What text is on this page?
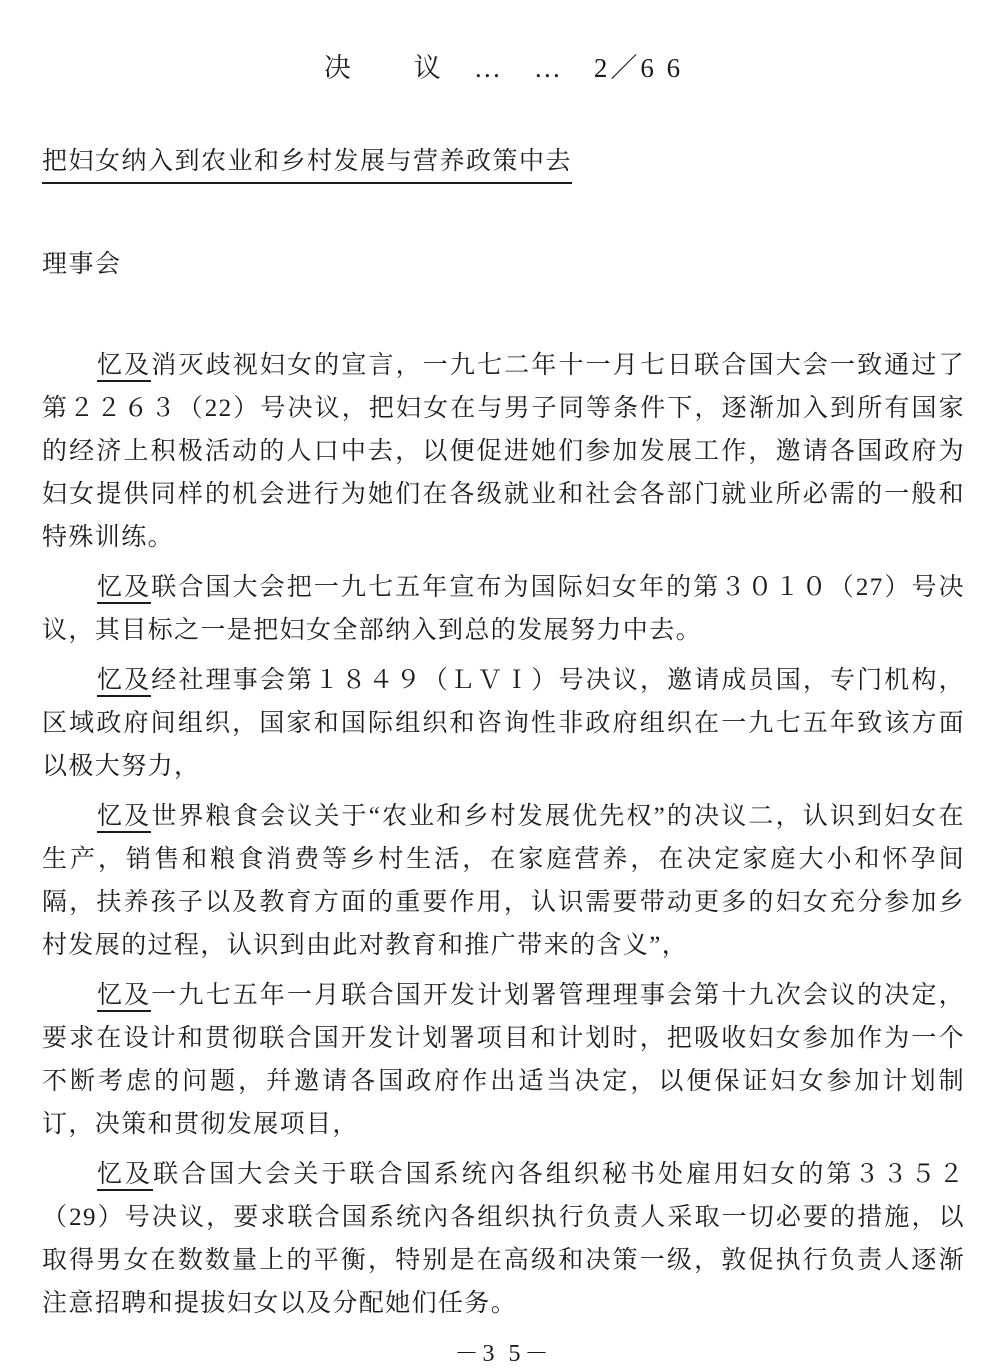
决　　议　…　…　2／6 6
把妇女纳入到农业和乡村发展与营养政策中去
理事会

忆及消灭歧视妇女的宣言，一九七二年十一月七日联合国大会一致通过了第２２６３（22）号决议，把妇女在与男子同等条件下，逐渐加入到所有国家的经济上积极活动的人口中去，以便促进她们参加发展工作，邀请各国政府为妇女提供同样的机会进行为她们在各级就业和社会各部门就业所必需的一般和特殊训练。

忆及联合国大会把一九七五年宣布为国际妇女年的第３０１０（27）号决议，其目标之一是把妇女全部纳入到总的发展努力中去。

忆及经社理事会第１８４９（ＬＶＩ）号决议，邀请成员国，专门机构，区域政府间组织，国家和国际组织和咨询性非政府组织在一九七五年致该方面以极大努力，

忆及世界粮食会议关于“农业和乡村发展优先权”的决议二，认识到妇女在生产，销售和粮食消费等乡村生活，在家庭营养，在决定家庭大小和怀孕间隔，扶养孩子以及教育方面的重要作用，认识需要带动更多的妇女充分参加乡村发展的过程，认识到由此对教育和推广带来的含义”，

忆及一九七五年一月联合国开发计划署管理理事会第十九次会议的决定，要求在设计和贯彻联合国开发计划署项目和计划时，把吸收妇女参加作为一个不断考虑的问题，幷邀请各国政府作出适当决定，以便保证妇女参加计划制订，决策和贯彻发展项目，

忆及联合国大会关于联合国系统內各组织秘书处雇用妇女的第３３５２（29）号决议，要求联合国系统內各组织执行负责人采取一切必要的措施，以取得男女在数数量上的平衡，特别是在高级和决策一级，敦促执行负责人逐渐注意招聘和提拔妇女以及分配她们任务。

－3 5－
